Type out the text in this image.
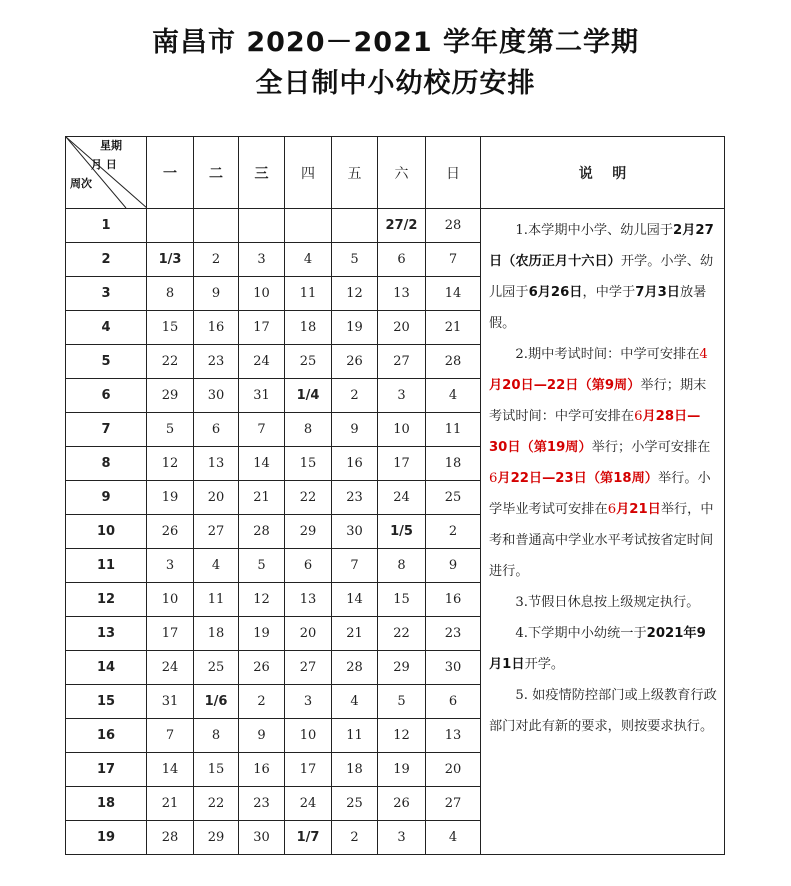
南昌市 2020－2021 学年度第二学期
全日制中小幼校历安排
星期
月 日
周次	一	二	三	四	五	六	日	说    明
1						27/2	28	1.本学期中小学、幼儿园于2月27日（农历正月十六日）开学。小学、幼儿园于6月26日，中学于7月3日放暑假。

2.期中考试时间：中学可安排在4月20日—22日（第9周）举行；期末考试时间：中学可安排在6月28日—30日（第19周）举行；小学可安排在6月22日—23日（第18周）举行。小学毕业考试可安排在6月21日举行，中考和普通高中学业水平考试按省定时间进行。

3.节假日休息按上级规定执行。

4.下学期中小幼统一于2021年9月1日开学。

5. 如疫情防控部门或上级教育行政部门对此有新的要求，则按要求执行。

2	1/3	2	3	4	5	6	7	
3	8	9	10	11	12	13	14	
4	15	16	17	18	19	20	21	
5	22	23	24	25	26	27	28	
6	29	30	31	1/4	2	3	4	
7	5	6	7	8	9	10	11	
8	12	13	14	15	16	17	18	
9	19	20	21	22	23	24	25	
10	26	27	28	29	30	1/5	2	
11	3	4	5	6	7	8	9	
12	10	11	12	13	14	15	16	
13	17	18	19	20	21	22	23	
14	24	25	26	27	28	29	30	
15	31	1/6	2	3	4	5	6	
16	7	8	9	10	11	12	13	
17	14	15	16	17	18	19	20	
18	21	22	23	24	25	26	27	
19	28	29	30	1/7	2	3	4	
